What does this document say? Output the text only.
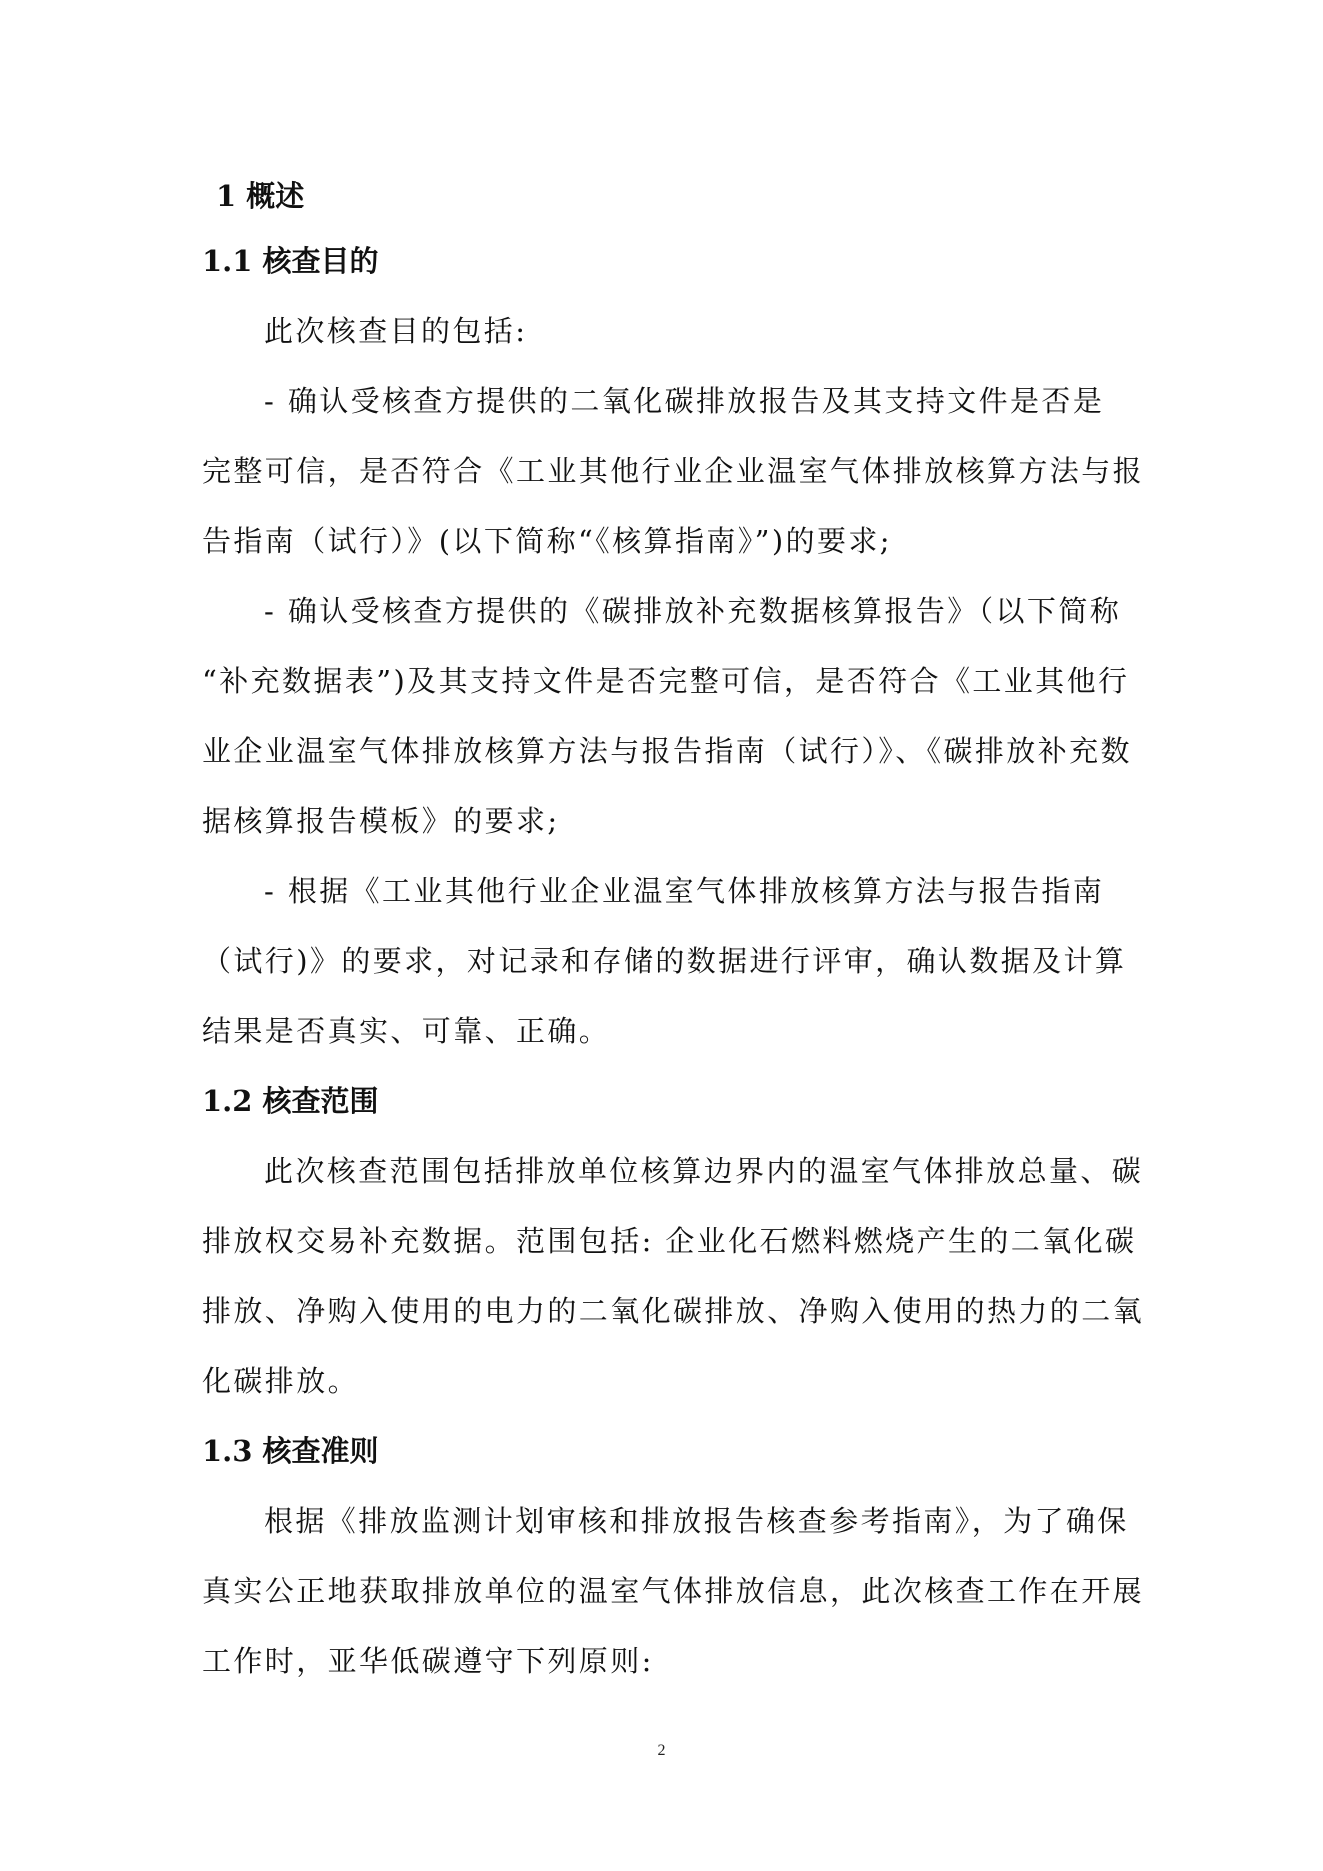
1 概述
1.1 核查目的
此次核查目的包括:
- 确认受核查方提供的二氧化碳排放报告及其支持文件是否是
完整可信，是否符合《工业其他行业企业温室气体排放核算方法与报
告指南（试行）》(以下简称“《核算指南》”)的要求;
- 确认受核查方提供的《碳排放补充数据核算报告》（以下简称
“补充数据表”)及其支持文件是否完整可信，是否符合《工业其他行
业企业温室气体排放核算方法与报告指南（试行）》、《碳排放补充数
据核算报告模板》的要求;
- 根据《工业其他行业企业温室气体排放核算方法与报告指南
（试行)》的要求，对记录和存储的数据进行评审，确认数据及计算
结果是否真实、可靠、正确。
1.2 核查范围
此次核查范围包括排放单位核算边界内的温室气体排放总量、碳
排放权交易补充数据。范围包括: 企业化石燃料燃烧产生的二氧化碳
排放、净购入使用的电力的二氧化碳排放、净购入使用的热力的二氧
化碳排放。
1.3 核查准则
根据《排放监测计划审核和排放报告核查参考指南》，为了确保
真实公正地获取排放单位的温室气体排放信息，此次核查工作在开展
工作时，亚华低碳遵守下列原则:
2
